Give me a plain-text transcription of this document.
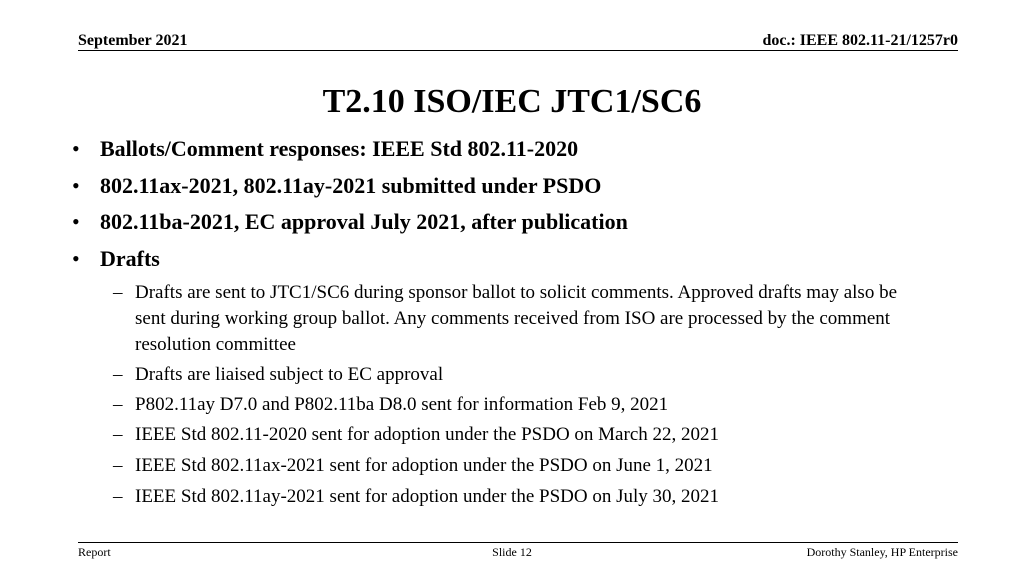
September 2021	doc.: IEEE 802.11-21/1257r0
T2.10 ISO/IEC JTC1/SC6
• Ballots/Comment responses: IEEE Std 802.11-2020
• 802.11ax-2021, 802.11ay-2021 submitted under PSDO
• 802.11ba-2021, EC approval July 2021, after publication
• Drafts
– Drafts are sent to JTC1/SC6 during sponsor ballot to solicit comments. Approved drafts may also be sent during working group ballot. Any comments received from ISO are processed by the comment resolution committee
– Drafts are liaised subject to EC approval
– P802.11ay D7.0 and P802.11ba D8.0 sent for information Feb 9, 2021
– IEEE Std 802.11-2020 sent for adoption under the PSDO on March 22, 2021
– IEEE Std 802.11ax-2021 sent for adoption under the PSDO on June 1, 2021
– IEEE Std 802.11ay-2021 sent for adoption under the PSDO on July 30, 2021
Report	Slide 12	Dorothy Stanley, HP Enterprise
